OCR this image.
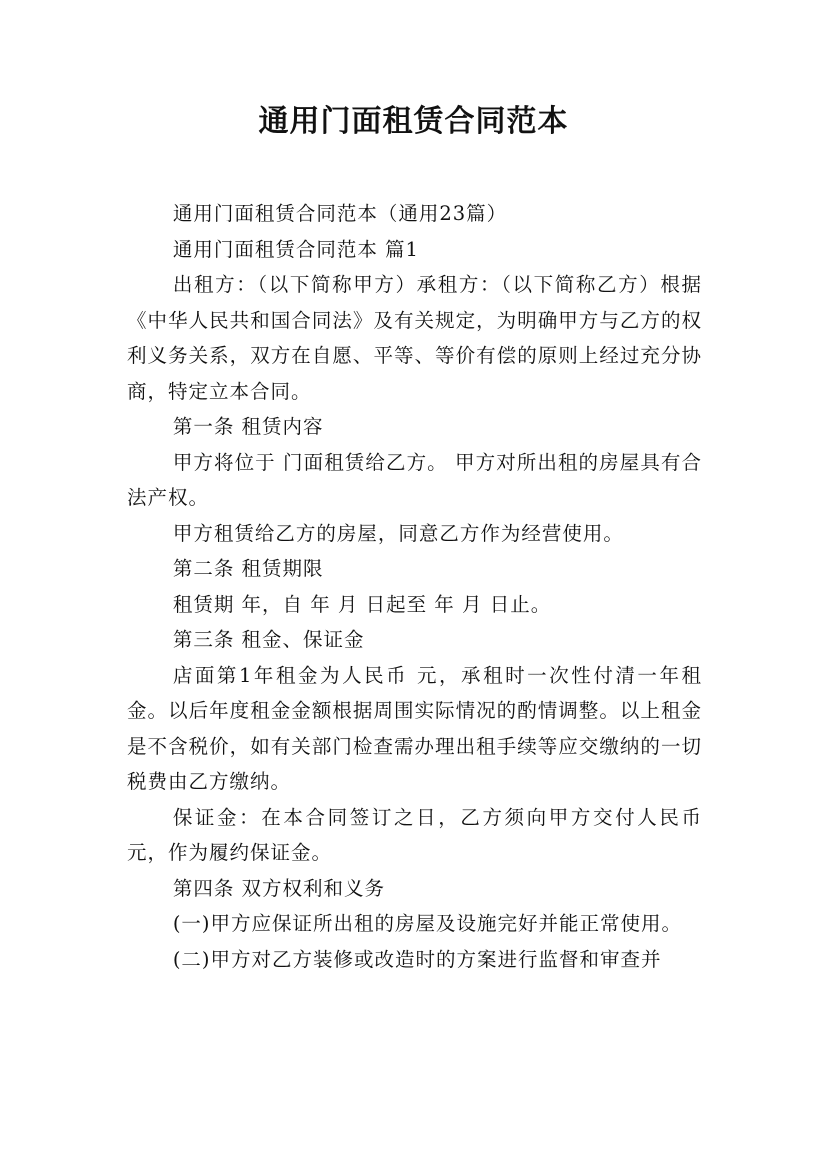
通用门面租赁合同范本

通用门面租赁合同范本（通用23篇）

通用门面租赁合同范本 篇1

出租方：（以下简称甲方）承租方：（以下简称乙方）根据《中华人民共和国合同法》及有关规定，为明确甲方与乙方的权利义务关系，双方在自愿、平等、等价有偿的原则上经过充分协商，特定立本合同。

第一条 租赁内容

甲方将位于 门面租赁给乙方。 甲方对所出租的房屋具有合法产权。

甲方租赁给乙方的房屋，同意乙方作为经营使用。

第二条 租赁期限

租赁期 年，自 年 月 日起至 年 月 日止。

第三条 租金、保证金

店面第1年租金为人民币 元，承租时一次性付清一年租金。以后年度租金金额根据周围实际情况的酌情调整。以上租金是不含税价，如有关部门检查需办理出租手续等应交缴纳的一切税费由乙方缴纳。

保证金：在本合同签订之日，乙方须向甲方交付人民币元，作为履约保证金。

第四条 双方权利和义务

(一)甲方应保证所出租的房屋及设施完好并能正常使用。

(二)甲方对乙方装修或改造时的方案进行监督和审查并
